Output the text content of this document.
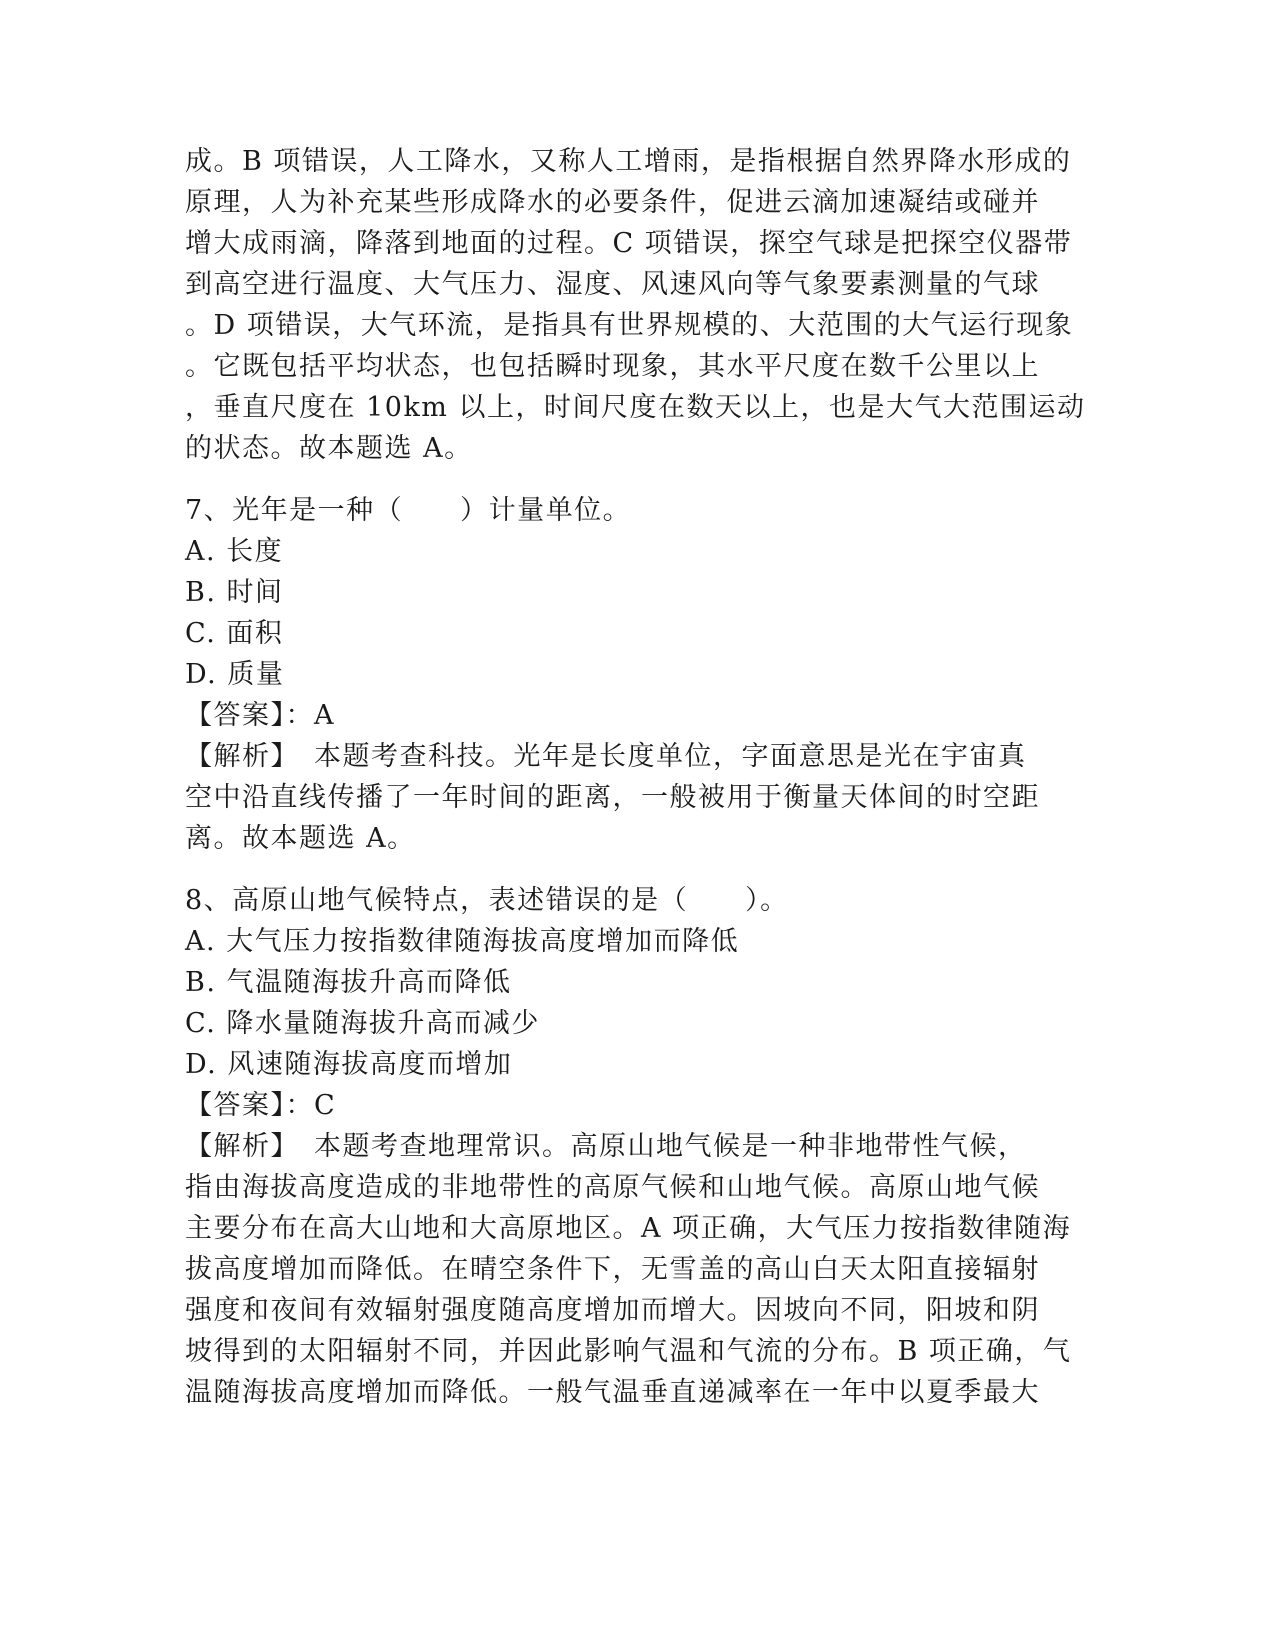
成。B 项错误，人工降水，又称人工增雨，是指根据自然界降水形成的
原理，人为补充某些形成降水的必要条件，促进云滴加速凝结或碰并
增大成雨滴，降落到地面的过程。C 项错误，探空气球是把探空仪器带
到高空进行温度、大气压力、湿度、风速风向等气象要素测量的气球
。D 项错误，大气环流，是指具有世界规模的、大范围的大气运行现象
。它既包括平均状态，也包括瞬时现象，其水平尺度在数千公里以上
，垂直尺度在 10km 以上，时间尺度在数天以上，也是大气大范围运动
的状态。故本题选 A。
7、光年是一种（　　）计量单位。
A. 长度
B. 时间
C. 面积
D. 质量
【答案】：A
【解析】　本题考查科技。光年是长度单位，字面意思是光在宇宙真
空中沿直线传播了一年时间的距离，一般被用于衡量天体间的时空距
离。故本题选 A。
8、高原山地气候特点，表述错误的是（　　）。
A. 大气压力按指数律随海拔高度增加而降低
B. 气温随海拔升高而降低
C. 降水量随海拔升高而减少
D. 风速随海拔高度而增加
【答案】：C
【解析】　本题考查地理常识。高原山地气候是一种非地带性气候，
指由海拔高度造成的非地带性的高原气候和山地气候。高原山地气候
主要分布在高大山地和大高原地区。A 项正确，大气压力按指数律随海
拔高度增加而降低。在晴空条件下，无雪盖的高山白天太阳直接辐射
强度和夜间有效辐射强度随高度增加而增大。因坡向不同，阳坡和阴
坡得到的太阳辐射不同，并因此影响气温和气流的分布。B 项正确，气
温随海拔高度增加而降低。一般气温垂直递减率在一年中以夏季最大
